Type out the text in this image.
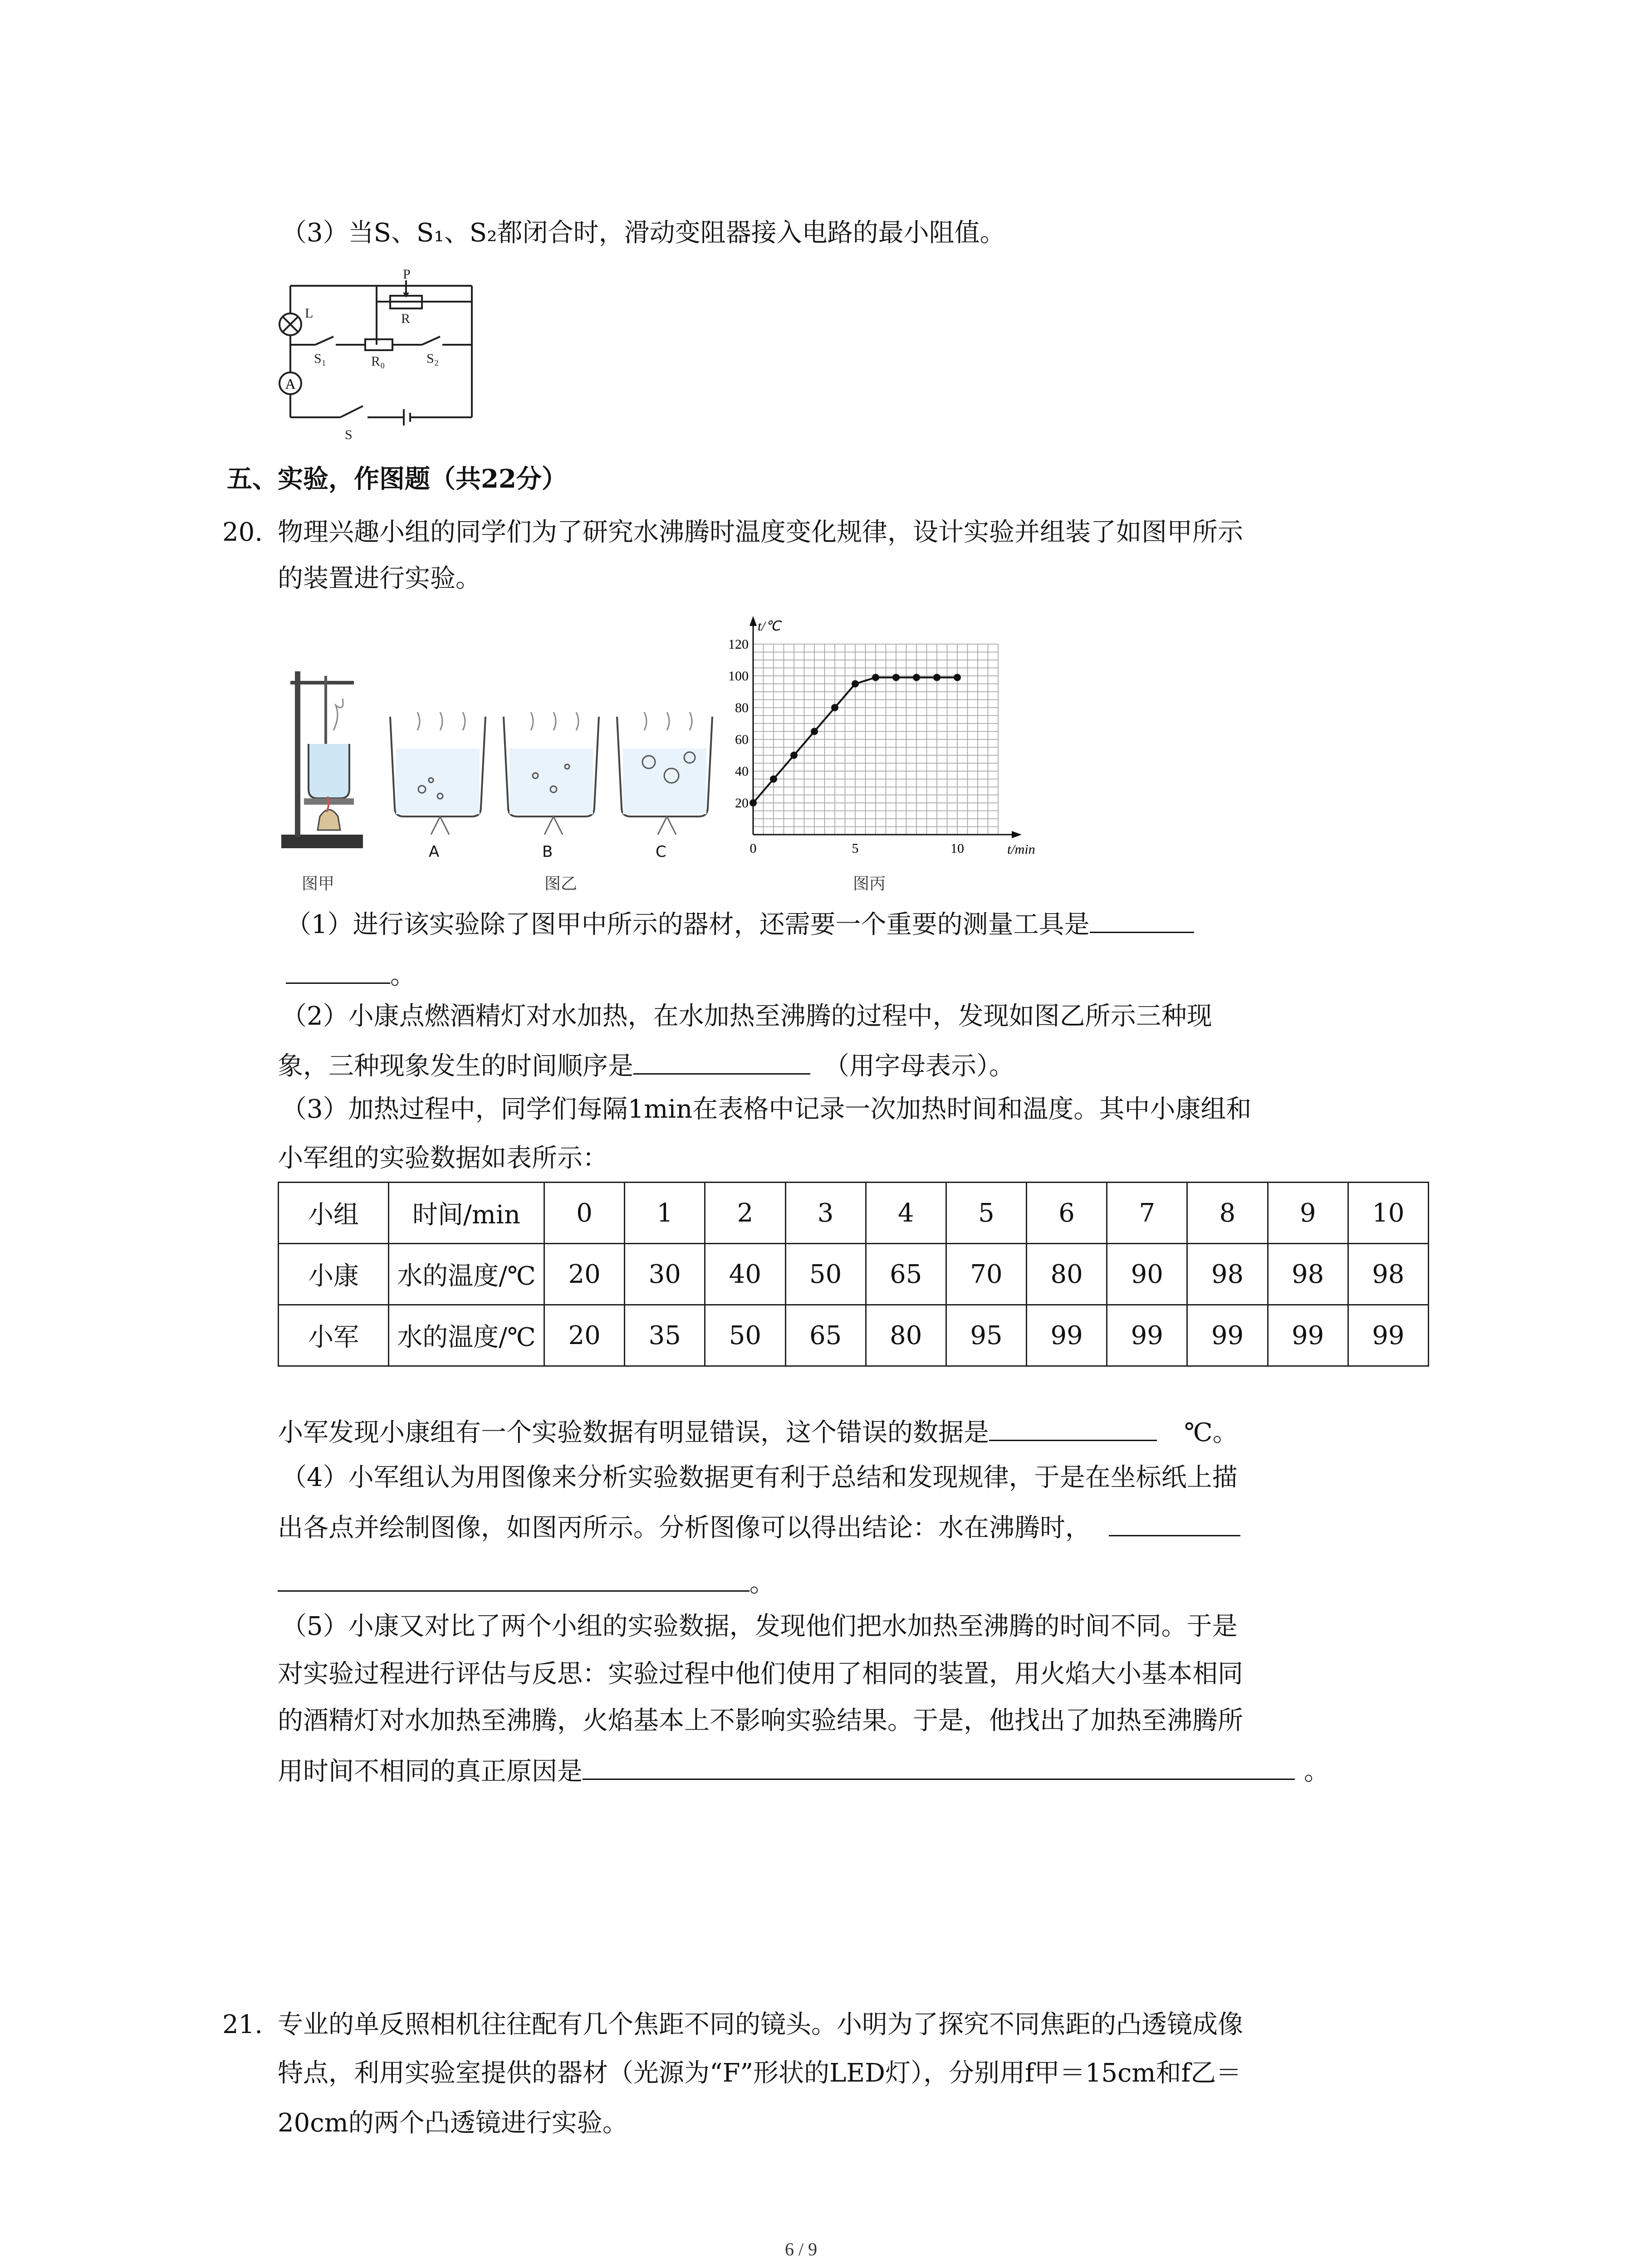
（3）当S、S₁、S₂都闭合时，滑动变阻器接入电路的最小阻值。
A
P
R
L
S₁	R₀	S₂
S
五、实验，作图题（共22分）
20. 物理兴趣小组的同学们为了研究水沸腾时温度变化规律，设计实验并组装了如图甲所示
的装置进行实验。
图甲
A	B	C
图乙
20
40
60
80
100
120
0	5	10
t/℃
t/min
图丙
（1）进行该实验除了图甲中所示的器材，还需要一个重要的测量工具是
。
（2）小康点燃酒精灯对水加热，在水加热至沸腾的过程中，发现如图乙所示三种现
象，三种现象发生的时间顺序是	（用字母表示）。
（3）加热过程中，同学们每隔1min在表格中记录一次加热时间和温度。其中小康组和
小军组的实验数据如表所示：
小组	时间/min	0	1	2	3	4	5	6	7	8	9	10
小康	水的温度/℃	20	30	40	50	65	70	80	90	98	98	98
小军	水的温度/℃	20	35	50	65	80	95	99	99	99	99	99
小军发现小康组有一个实验数据有明显错误，这个错误的数据是	℃。
（4）小军组认为用图像来分析实验数据更有利于总结和发现规律，于是在坐标纸上描
出各点并绘制图像，如图丙所示。分析图像可以得出结论：水在沸腾时，
。
（5）小康又对比了两个小组的实验数据，发现他们把水加热至沸腾的时间不同。于是
对实验过程进行评估与反思：实验过程中他们使用了相同的装置，用火焰大小基本相同
的酒精灯对水加热至沸腾，火焰基本上不影响实验结果。于是，他找出了加热至沸腾所
用时间不相同的真正原因是	。
21. 专业的单反照相机往往配有几个焦距不同的镜头。小明为了探究不同焦距的凸透镜成像
特点，利用实验室提供的器材（光源为“F”形状的LED灯），分别用f甲＝15cm和f乙＝
20cm的两个凸透镜进行实验。
6 / 9
